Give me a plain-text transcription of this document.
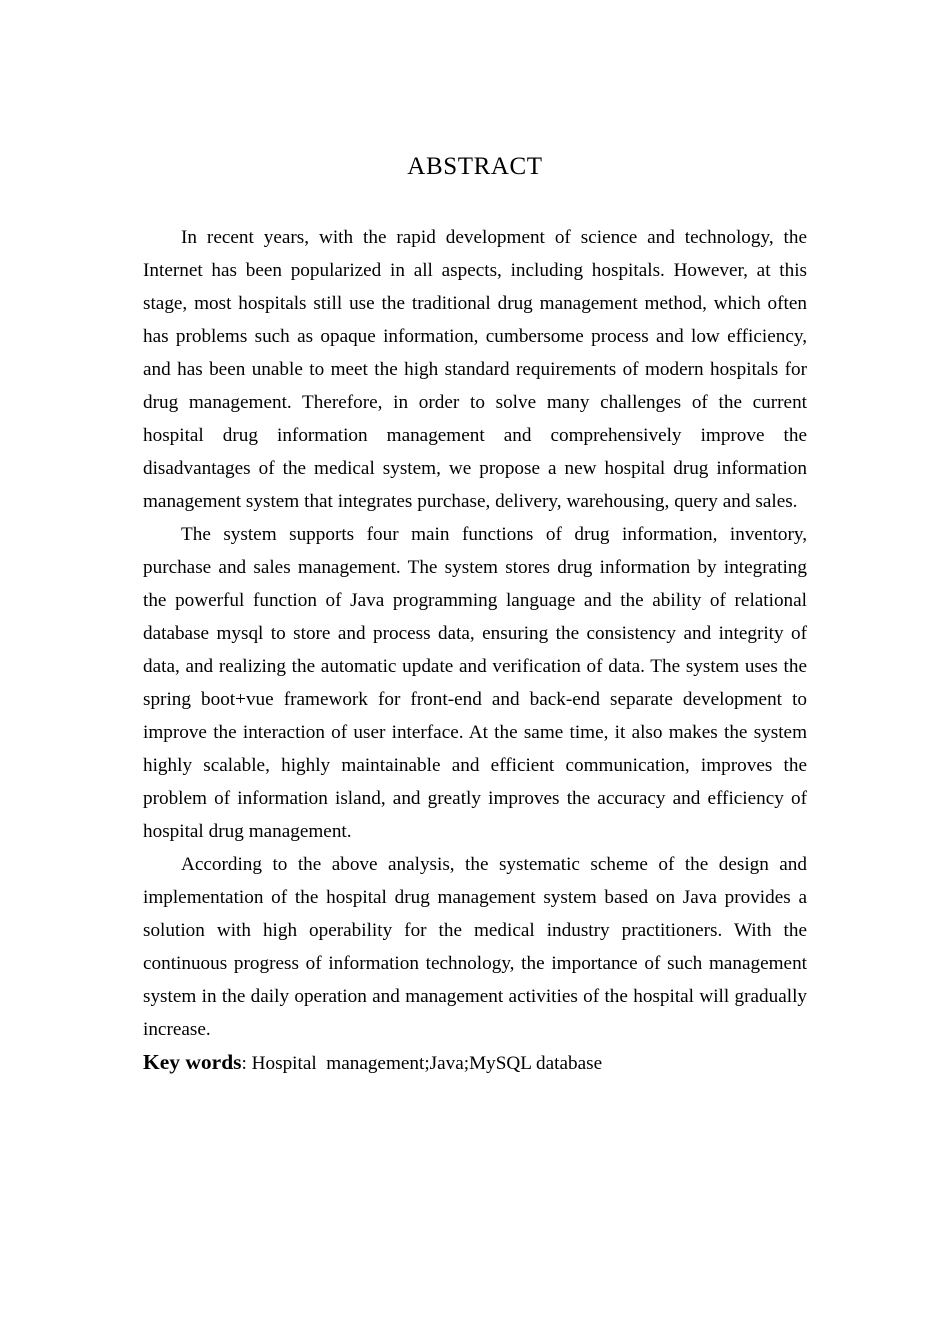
ABSTRACT

In recent years, with the rapid development of science and technology, the Internet has been popularized in all aspects, including hospitals. However, at this stage, most hospitals still use the traditional drug management method, which often has problems such as opaque information, cumbersome process and low efficiency, and has been unable to meet the high standard requirements of modern hospitals for drug management. Therefore, in order to solve many challenges of the current hospital drug information management and comprehensively improve the disadvantages of the medical system, we propose a new hospital drug information management system that integrates purchase, delivery, warehousing, query and sales.

The system supports four main functions of drug information, inventory, purchase and sales management. The system stores drug information by integrating the powerful function of Java programming language and the ability of relational database mysql to store and process data, ensuring the consistency and integrity of data, and realizing the automatic update and verification of data. The system uses the spring boot+vue framework for front-end and back-end separate development to improve the interaction of user interface. At the same time, it also makes the system highly scalable, highly maintainable and efficient communication, improves the problem of information island, and greatly improves the accuracy and efficiency of hospital drug management.

According to the above analysis, the systematic scheme of the design and implementation of the hospital drug management system based on Java provides a solution with high operability for the medical industry practitioners. With the continuous progress of information technology, the importance of such management system in the daily operation and management activities of the hospital will gradually increase.

Key words: Hospital  management;Java;MySQL database
